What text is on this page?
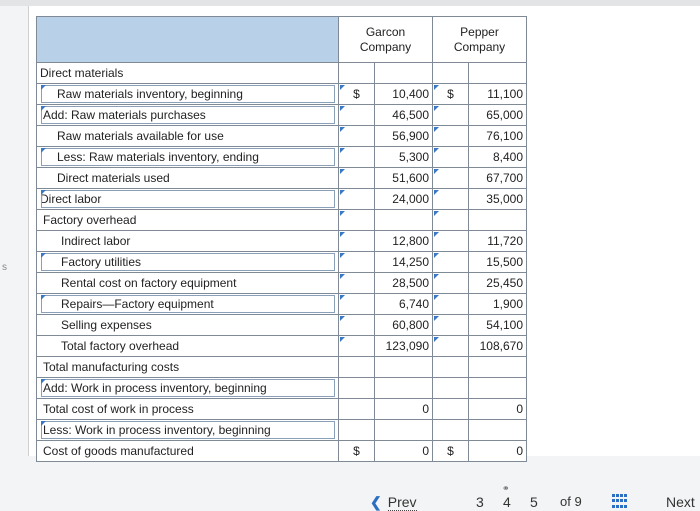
s

	Garcon
Company		Pepper
Company	

Direct materials				

Raw materials inventory, beginning	$	10,400	$	11,100

Add: Raw materials purchases		46,500		65,000

Raw materials available for use		56,900		76,100

Less: Raw materials inventory, ending		5,300		8,400

Direct materials used		51,600		67,700

Direct labor		24,000		35,000

Factory overhead				

Indirect labor		12,800		11,720

Factory utilities		14,250		15,500

Rental cost on factory equipment		28,500		25,450

Repairs—Factory equipment		6,740		1,900

Selling expenses		60,800		54,100

Total factory overhead		123,090		108,670

Total manufacturing costs				

Add: Work in process inventory, beginning				

Total cost of work in process		0		0

Less: Work in process inventory, beginning				

Cost of goods manufactured	$	0	$	0
❮ Prev	3
⚭
4 5 of 9	Next
